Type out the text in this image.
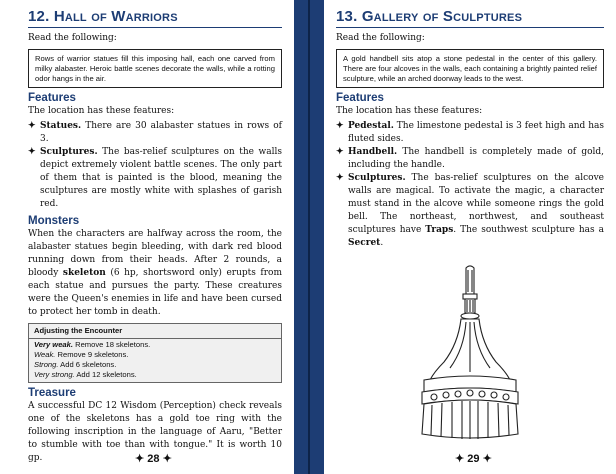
12. Hall of Warriors

Read the following:

Rows of warrior statues fill this imposing hall, each one carved from milky alabaster. Heroic battle scenes decorate the walls, while a rotting odor hangs in the air.
Features

The location has these features:

✦ Statues. There are 30 alabaster statues in rows of 3.
✦ Sculptures. The bas-relief sculptures on the walls depict extremely violent battle scenes. The only part of them that is painted is the blood, meaning the sculptures are mostly white with splashes of garish red.
Monsters

When the characters are halfway across the room, the alabaster statues begin bleeding, with dark red blood running down from their heads. After 2 rounds, a bloody skeleton (6 hp, shortsword only) erupts from each statue and pursues the party. These creatures were the Queen's enemies in life and have been cursed to protect her tomb in death.

Adjusting the Encounter
Very weak. Remove 18 skeletons.
Weak. Remove 9 skeletons.
Strong. Add 6 skeletons.
Very strong. Add 12 skeletons.
Treasure

A successful DC 12 Wisdom (Perception) check reveals one of the skeletons has a gold toe ring with the following inscription in the language of Aaru, "Better to stumble with toe than with tongue." It is worth 10 gp.	✦ 28 ✦
13. Gallery of Sculptures

Read the following:

A gold handbell sits atop a stone pedestal in the center of this gallery. There are four alcoves in the walls, each containing a brightly painted relief sculpture, while an arched doorway leads to the west.
Features

The location has these features:

✦ Pedestal. The limestone pedestal is 3 feet high and has fluted sides.
✦ Handbell. The handbell is completely made of gold, including the handle.
✦ Sculptures. The bas-relief sculptures on the alcove walls are magical. To activate the magic, a character must stand in the alcove while someone rings the gold bell. The northeast, northwest, and southeast sculptures have Traps. The southwest sculpture has a Secret.
✦ 29 ✦
